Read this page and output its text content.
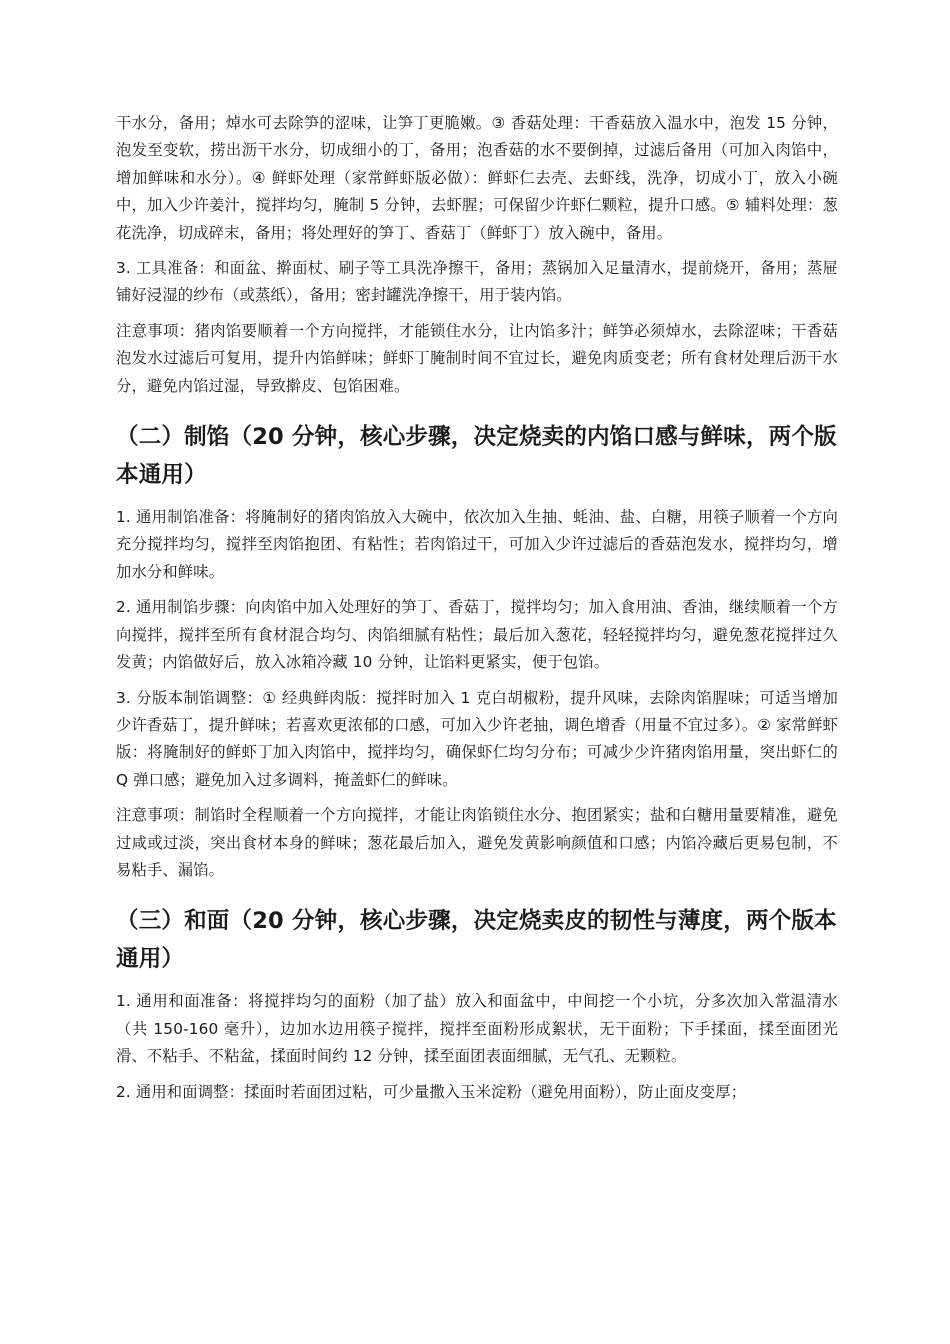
干水分，备用；焯水可去除笋的涩味，让笋丁更脆嫩。③ 香菇处理：干香菇放入温水中，泡发 15 分钟，泡发至变软，捞出沥干水分，切成细小的丁，备用；泡香菇的水不要倒掉，过滤后备用（可加入肉馅中，增加鲜味和水分）。④ 鲜虾处理（家常鲜虾版必做）：鲜虾仁去壳、去虾线，洗净，切成小丁，放入小碗中，加入少许姜汁，搅拌均匀，腌制 5 分钟，去虾腥；可保留少许虾仁颗粒，提升口感。⑤ 辅料处理：葱花洗净，切成碎末，备用；将处理好的笋丁、香菇丁（鲜虾丁）放入碗中，备用。

3. 工具准备：和面盆、擀面杖、刷子等工具洗净擦干，备用；蒸锅加入足量清水，提前烧开，备用；蒸屉铺好浸湿的纱布（或蒸纸），备用；密封罐洗净擦干，用于装内馅。

注意事项：猪肉馅要顺着一个方向搅拌，才能锁住水分，让内馅多汁；鲜笋必须焯水，去除涩味；干香菇泡发水过滤后可复用，提升内馅鲜味；鲜虾丁腌制时间不宜过长，避免肉质变老；所有食材处理后沥干水分，避免内馅过湿，导致擀皮、包馅困难。

（二）制馅（20 分钟，核心步骤，决定烧卖的内馅口感与鲜味，两个版本通用）

1. 通用制馅准备：将腌制好的猪肉馅放入大碗中，依次加入生抽、蚝油、盐、白糖，用筷子顺着一个方向充分搅拌均匀，搅拌至肉馅抱团、有粘性；若肉馅过干，可加入少许过滤后的香菇泡发水，搅拌均匀，增加水分和鲜味。

2. 通用制馅步骤：向肉馅中加入处理好的笋丁、香菇丁，搅拌均匀；加入食用油、香油，继续顺着一个方向搅拌，搅拌至所有食材混合均匀、肉馅细腻有粘性；最后加入葱花，轻轻搅拌均匀，避免葱花搅拌过久发黄；内馅做好后，放入冰箱冷藏 10 分钟，让馅料更紧实，便于包馅。

3. 分版本制馅调整：① 经典鲜肉版：搅拌时加入 1 克白胡椒粉，提升风味，去除肉馅腥味；可适当增加少许香菇丁，提升鲜味；若喜欢更浓郁的口感，可加入少许老抽，调色增香（用量不宜过多）。② 家常鲜虾版：将腌制好的鲜虾丁加入肉馅中，搅拌均匀，确保虾仁均匀分布；可减少少许猪肉馅用量，突出虾仁的 Q 弹口感；避免加入过多调料，掩盖虾仁的鲜味。

注意事项：制馅时全程顺着一个方向搅拌，才能让肉馅锁住水分、抱团紧实；盐和白糖用量要精准，避免过咸或过淡，突出食材本身的鲜味；葱花最后加入，避免发黄影响颜值和口感；内馅冷藏后更易包制，不易粘手、漏馅。

（三）和面（20 分钟，核心步骤，决定烧卖皮的韧性与薄度，两个版本通用）

1. 通用和面准备：将搅拌均匀的面粉（加了盐）放入和面盆中，中间挖一个小坑，分多次加入常温清水（共 150-160 毫升），边加水边用筷子搅拌，搅拌至面粉形成絮状，无干面粉；下手揉面，揉至面团光滑、不粘手、不粘盆，揉面时间约 12 分钟，揉至面团表面细腻，无气孔、无颗粒。

2. 通用和面调整：揉面时若面团过粘，可少量撒入玉米淀粉（避免用面粉），防止面皮变厚；
